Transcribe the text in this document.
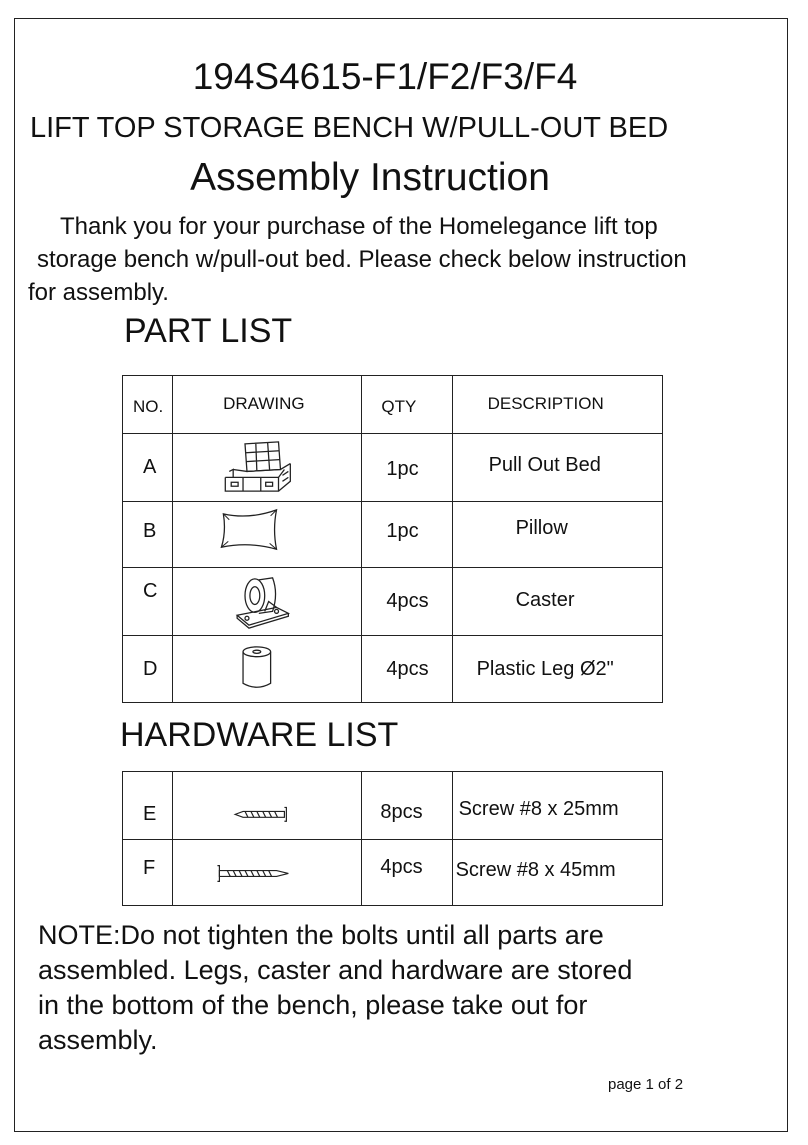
194S4615-F1/F2/F3/F4
LIFT TOP STORAGE BENCH W/PULL-OUT BED
Assembly Instruction
Thank you for your purchase of the Homelegance lift top
storage bench w/pull-out bed. Please check below instruction
for assembly.
PART LIST
NO.	DRAWING	QTY	DESCRIPTION

A		1pc	Pull Out Bed

B		1pc	Pillow

C		4pcs	Caster

D		4pcs	Plastic Leg Ø2"
HARDWARE LIST
E		8pcs	Screw #8 x 25mm

F		4pcs	Screw #8 x 45mm
NOTE:Do not tighten the bolts until all parts are
assembled. Legs, caster and hardware are stored
in the bottom of the bench, please take out for
assembly.
page 1 of 2
